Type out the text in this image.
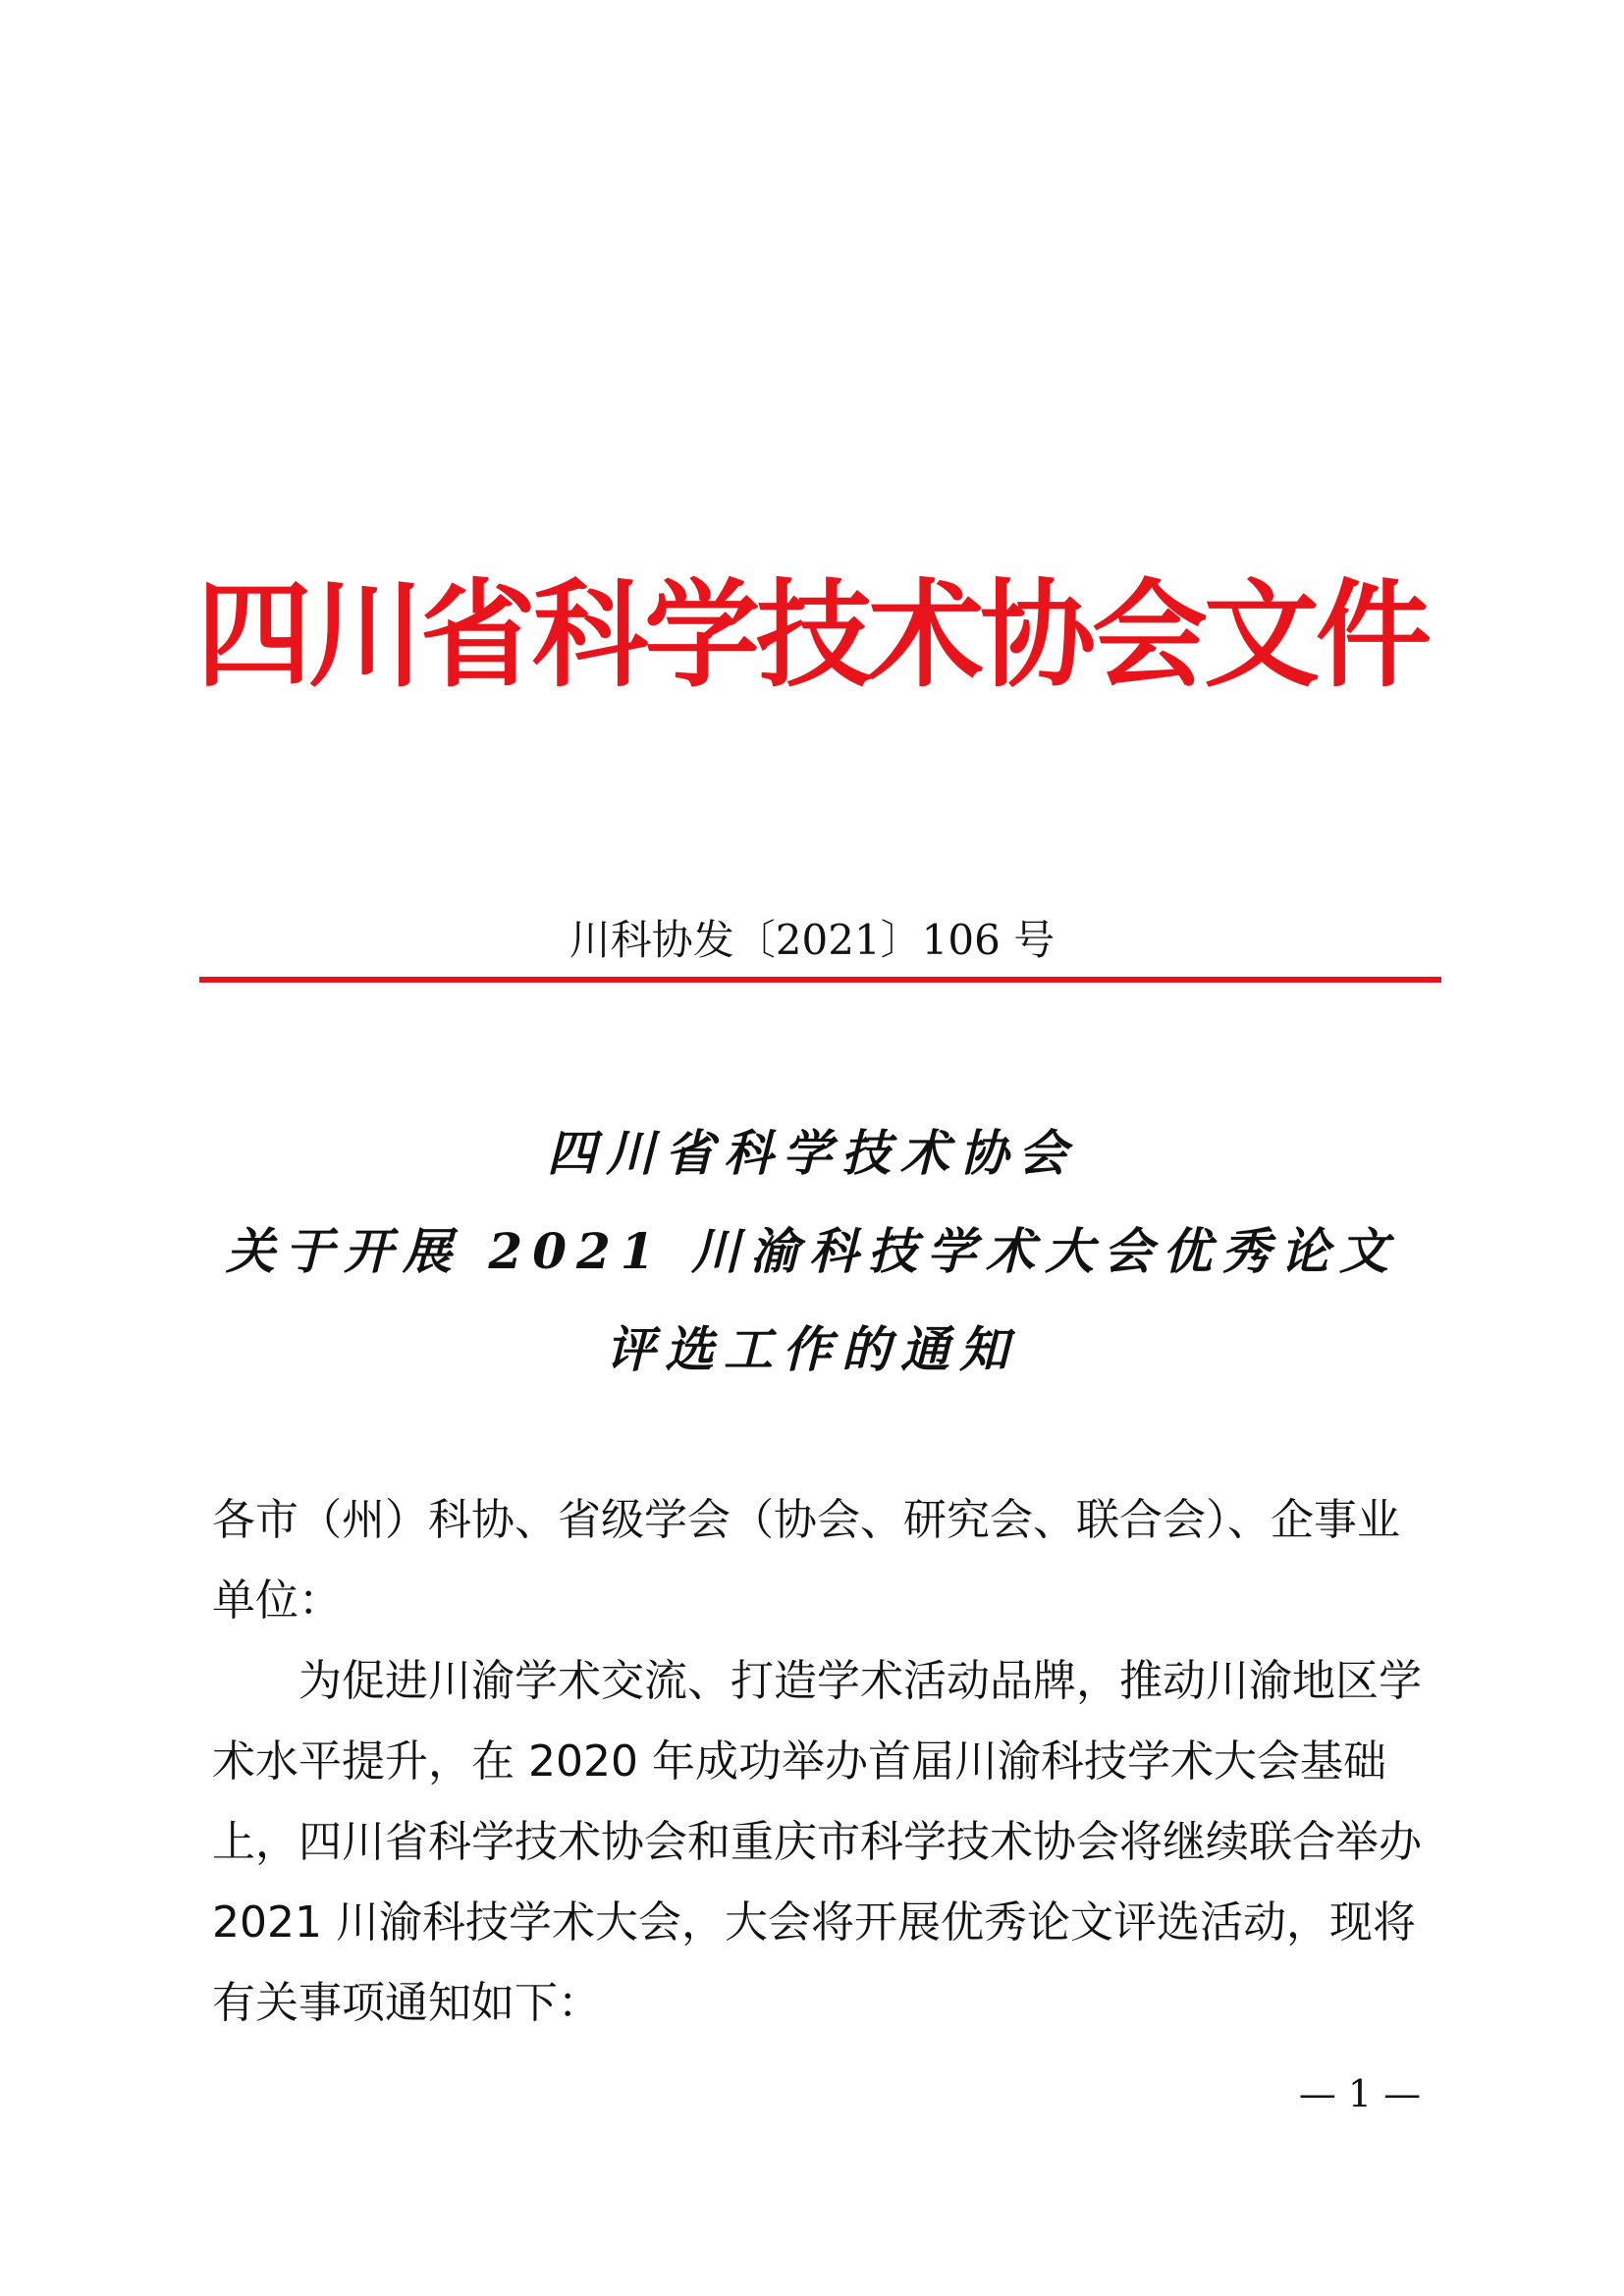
四川省科学技术协会文件
川科协发〔2021〕106 号
四川省科学技术协会
关于开展 2021 川渝科技学术大会优秀论文
评选工作的通知
各市（州）科协、省级学会（协会、研究会、联合会）、企事业单位：
为促进川渝学术交流、打造学术活动品牌，推动川渝地区学术水平提升，在 2020 年成功举办首届川渝科技学术大会基础上，四川省科学技术协会和重庆市科学技术协会将继续联合举办 2021 川渝科技学术大会，大会将开展优秀论文评选活动，现将有关事项通知如下：
— 1 —
